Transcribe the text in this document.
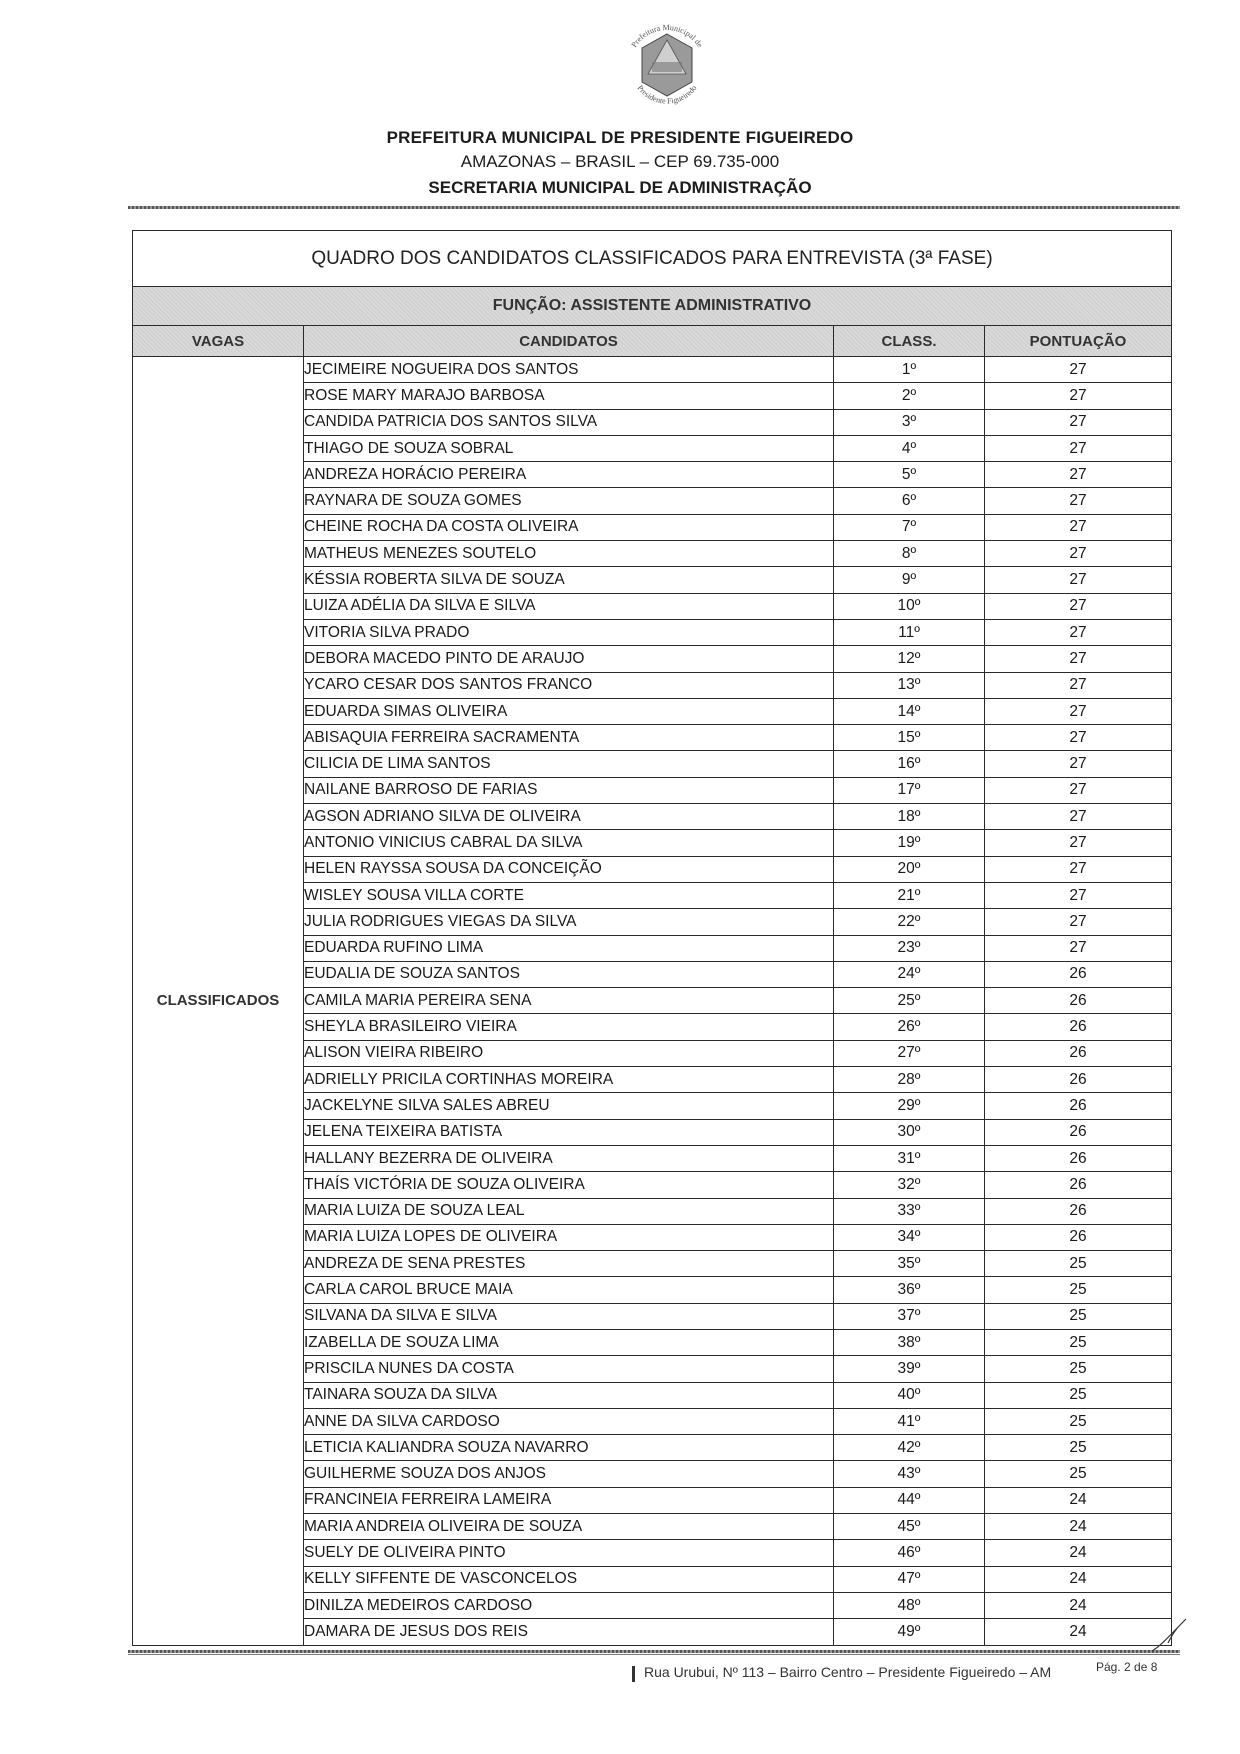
Prefeitura Municipal de
Presidente Figueiredo
PREFEITURA MUNICIPAL DE PRESIDENTE FIGUEIREDO
AMAZONAS – BRASIL – CEP 69.735-000
SECRETARIA MUNICIPAL DE ADMINISTRAÇÃO
QUADRO DOS CANDIDATOS CLASSIFICADOS PARA ENTREVISTA (3ª FASE)			
FUNÇÃO: ASSISTENTE ADMINISTRATIVO			
VAGAS	CANDIDATOS	CLASS.	PONTUAÇÃO
CLASSIFICADOS	JECIMEIRE NOGUEIRA DOS SANTOS	1º	27
	ROSE MARY MARAJO BARBOSA	2º	27
	CANDIDA PATRICIA DOS SANTOS SILVA	3º	27
	THIAGO DE SOUZA SOBRAL	4º	27
	ANDREZA HORÁCIO PEREIRA	5º	27
	RAYNARA DE SOUZA GOMES	6º	27
	CHEINE ROCHA DA COSTA OLIVEIRA	7º	27
	MATHEUS MENEZES SOUTELO	8º	27
	KÉSSIA ROBERTA SILVA DE SOUZA	9º	27
	LUIZA ADÉLIA DA SILVA E SILVA	10º	27
	VITORIA SILVA PRADO	11º	27
	DEBORA MACEDO PINTO DE ARAUJO	12º	27
	YCARO CESAR DOS SANTOS FRANCO	13º	27
	EDUARDA SIMAS OLIVEIRA	14º	27
	ABISAQUIA FERREIRA SACRAMENTA	15º	27
	CILICIA DE LIMA SANTOS	16º	27
	NAILANE BARROSO DE FARIAS	17º	27
	AGSON ADRIANO SILVA DE OLIVEIRA	18º	27
	ANTONIO VINICIUS CABRAL DA SILVA	19º	27
	HELEN RAYSSA SOUSA DA CONCEIÇÃO	20º	27
	WISLEY SOUSA VILLA CORTE	21º	27
	JULIA RODRIGUES VIEGAS DA SILVA	22º	27
	EDUARDA RUFINO LIMA	23º	27
	EUDALIA DE SOUZA SANTOS	24º	26
	CAMILA MARIA PEREIRA SENA	25º	26
	SHEYLA BRASILEIRO VIEIRA	26º	26
	ALISON VIEIRA RIBEIRO	27º	26
	ADRIELLY PRICILA CORTINHAS MOREIRA	28º	26
	JACKELYNE SILVA SALES ABREU	29º	26
	JELENA TEIXEIRA BATISTA	30º	26
	HALLANY BEZERRA DE OLIVEIRA	31º	26
	THAÍS VICTÓRIA DE SOUZA OLIVEIRA	32º	26
	MARIA LUIZA DE SOUZA LEAL	33º	26
	MARIA LUIZA LOPES DE OLIVEIRA	34º	26
	ANDREZA DE SENA PRESTES	35º	25
	CARLA CAROL BRUCE MAIA	36º	25
	SILVANA DA SILVA E SILVA	37º	25
	IZABELLA DE SOUZA LIMA	38º	25
	PRISCILA NUNES DA COSTA	39º	25
	TAINARA SOUZA DA SILVA	40º	25
	ANNE DA SILVA CARDOSO	41º	25
	LETICIA KALIANDRA SOUZA NAVARRO	42º	25
	GUILHERME SOUZA DOS ANJOS	43º	25
	FRANCINEIA FERREIRA LAMEIRA	44º	24
	MARIA ANDREIA OLIVEIRA DE SOUZA	45º	24
	SUELY DE OLIVEIRA PINTO	46º	24
	KELLY SIFFENTE DE VASCONCELOS	47º	24
	DINILZA MEDEIROS CARDOSO	48º	24
	DAMARA DE JESUS DOS REIS	49º	24
Rua Urubui, Nº 113 – Bairro Centro – Presidente Figueiredo – AM	Pág. 2 de 8
